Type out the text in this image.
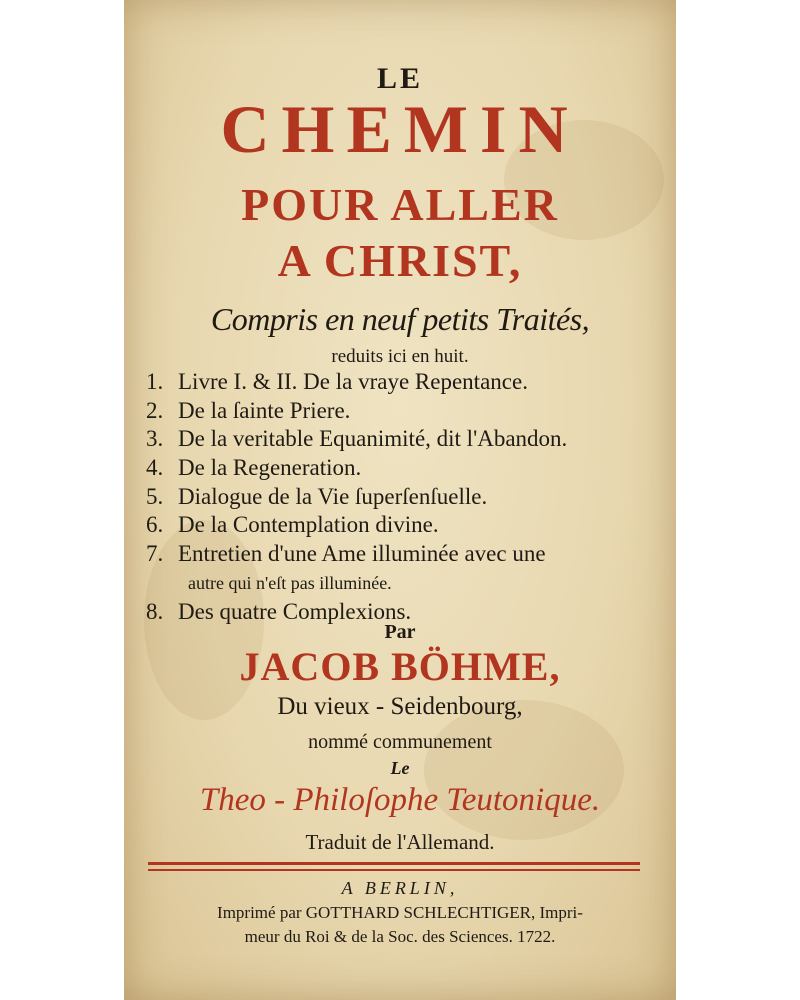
LE
CHEMIN
POUR ALLER
A CHRIST,
Compris en neuf petits Traités,
reduits ici en huit.
1. Livre I. & II. De la vraye Repentance.
2. De la ſainte Priere.
3. De la veritable Equanimité, dit l'Abandon.
4. De la Regeneration.
5. Dialogue de la Vie ſuperſenſuelle.
6. De la Contemplation divine.
7. Entretien d'une Ame illuminée avec une
autre qui n'eſt pas illuminée.
8. Des quatre Complexions.
Par
JACOB BÖHME,
Du vieux - Seidenbourg,
nommé communement
Le
Theo - Philoſophe Teutonique.
Traduit de l'Allemand.
A BERLIN,
Imprimé par GOTTHARD SCHLECHTIGER, Impri-
meur du Roi & de la Soc. des Sciences. 1722.
